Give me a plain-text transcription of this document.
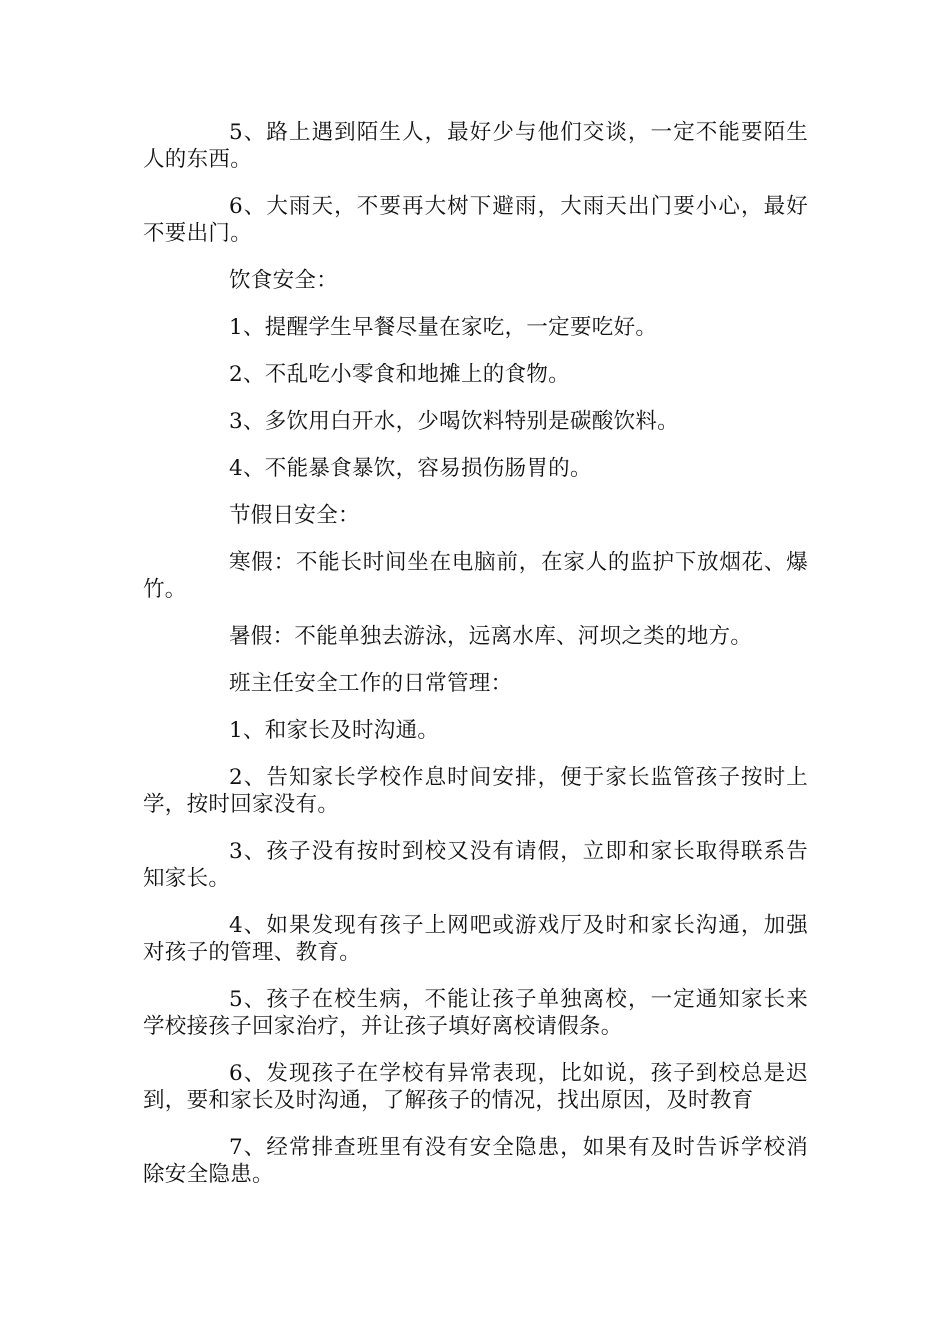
5、路上遇到陌生人，最好少与他们交谈，一定不能要陌生人的东西。

6、大雨天，不要再大树下避雨，大雨天出门要小心，最好不要出门。

饮食安全：

1、提醒学生早餐尽量在家吃，一定要吃好。

2、不乱吃小零食和地摊上的食物。

3、多饮用白开水，少喝饮料特别是碳酸饮料。

4、不能暴食暴饮，容易损伤肠胃的。

节假日安全：

寒假：不能长时间坐在电脑前，在家人的监护下放烟花、爆竹。

暑假：不能单独去游泳，远离水库、河坝之类的地方。

班主任安全工作的日常管理：

1、和家长及时沟通。

2、告知家长学校作息时间安排，便于家长监管孩子按时上学，按时回家没有。

3、孩子没有按时到校又没有请假，立即和家长取得联系告知家长。

4、如果发现有孩子上网吧或游戏厅及时和家长沟通，加强对孩子的管理、教育。

5、孩子在校生病，不能让孩子单独离校，一定通知家长来学校接孩子回家治疗，并让孩子填好离校请假条。

6、发现孩子在学校有异常表现，比如说，孩子到校总是迟到，要和家长及时沟通，了解孩子的情况，找出原因，及时教育

7、经常排查班里有没有安全隐患，如果有及时告诉学校消除安全隐患。
